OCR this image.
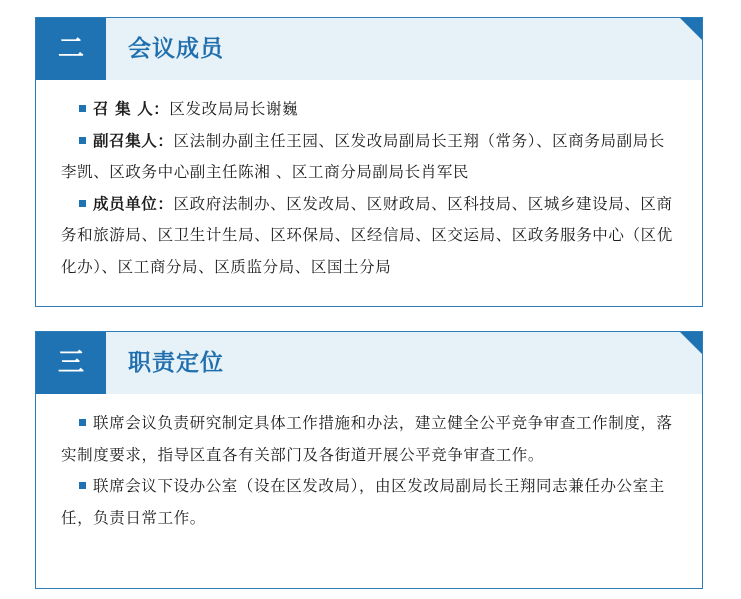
二	会议成员

召 集 人：区发改局局长谢巍

副召集人：区法制办副主任王园、区发改局副局长王翔（常务）、区商务局副局长李凯、区政务中心副主任陈湘 、区工商分局副局长肖军民

成员单位：区政府法制办、区发改局、区财政局、区科技局、区城乡建设局、区商务和旅游局、区卫生计生局、区环保局、区经信局、区交运局、区政务服务中心（区优化办）、区工商分局、区质监分局、区国土分局

三	职责定位

联席会议负责研究制定具体工作措施和办法，建立健全公平竞争审查工作制度，落实制度要求，指导区直各有关部门及各街道开展公平竞争审查工作。

联席会议下设办公室（设在区发改局），由区发改局副局长王翔同志兼任办公室主任，负责日常工作。
